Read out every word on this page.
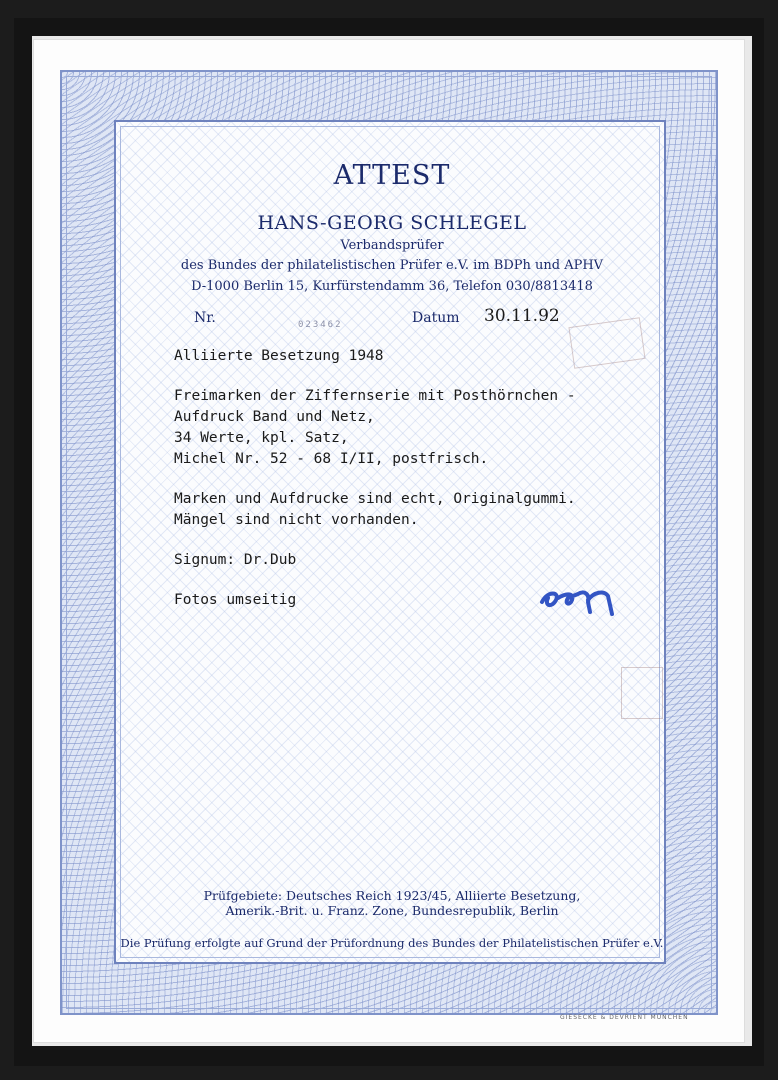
ATTEST
HANS-GEORG SCHLEGEL
Verbandsprüfer
des Bundes der philatelistischen Prüfer e.V. im BDPh und APHV
D-1000 Berlin 15, Kurfürstendamm 36, Telefon 030/8813418
Nr.	023462	Datum 30.11.92
Alliierte Besetzung 1948
Freimarken der Ziffernserie mit Posthörnchen -
Aufdruck Band und Netz,
34 Werte, kpl. Satz,
Michel Nr. 52 - 68 I/II, postfrisch.
Marken und Aufdrucke sind echt, Originalgummi.
Mängel sind nicht vorhanden.
Signum: Dr.Dub
Fotos umseitig
Prüfgebiete: Deutsches Reich 1923/45, Alliierte Besetzung,
Amerik.-Brit. u. Franz. Zone, Bundesrepublik, Berlin
Die Prüfung erfolgte auf Grund der Prüfordnung des Bundes der Philatelistischen Prüfer e.V.
GIESECKE & DEVRIENT MÜNCHEN
